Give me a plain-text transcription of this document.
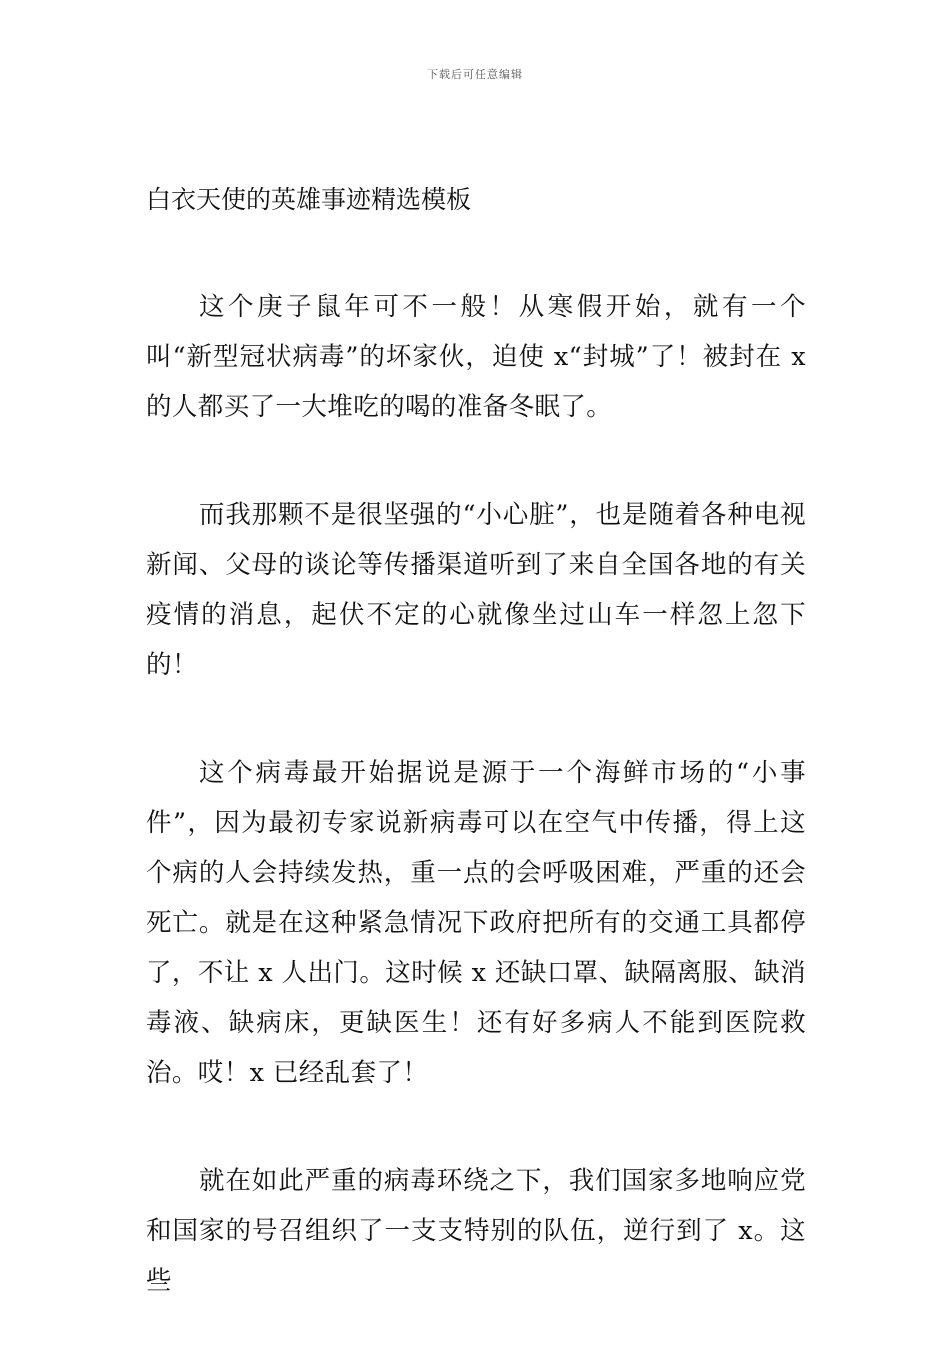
下载后可任意编辑
白衣天使的英雄事迹精选模板

这个庚子鼠年可不一般！从寒假开始，就有一个叫“新型冠状病毒”的坏家伙，迫使 x“封城”了！被封在 x的人都买了一大堆吃的喝的准备冬眠了。

而我那颗不是很坚强的“小心脏”，也是随着各种电视新闻、父母的谈论等传播渠道听到了来自全国各地的有关疫情的消息，起伏不定的心就像坐过山车一样忽上忽下的！

这个病毒最开始据说是源于一个海鲜市场的“小事件”，因为最初专家说新病毒可以在空气中传播，得上这个病的人会持续发热，重一点的会呼吸困难，严重的还会死亡。就是在这种紧急情况下政府把所有的交通工具都停了，不让 x 人出门。这时候 x 还缺口罩、缺隔离服、缺消毒液、缺病床，更缺医生！还有好多病人不能到医院救治。哎！x 已经乱套了！

就在如此严重的病毒环绕之下，我们国家多地响应党和国家的号召组织了一支支特别的队伍，逆行到了 x。这些
